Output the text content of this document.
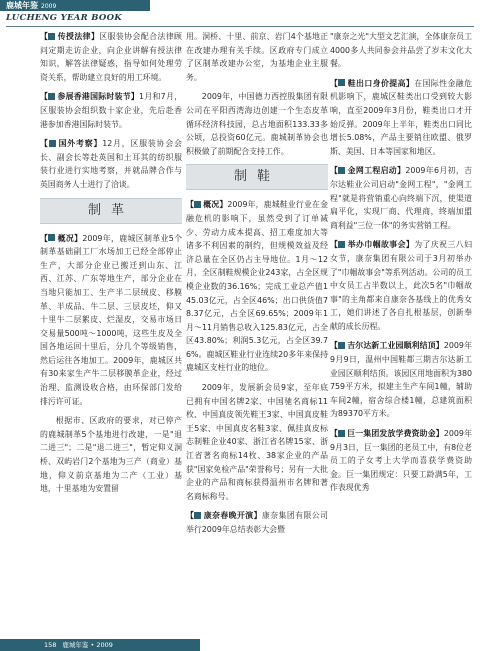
鹿城年鉴 2009
LUCHENG YEAR BOOK

【 传授法律】区服装协会配合法律顾问定期走访企业，向企业讲解有授法律知识，解答法律疑惑，指导如何处理劳资关系，帮助建立良好的用工环境。

【 参展香港国际时装节】1月和7月，区服装协会组织数十家企业，先后赴香港参加香港国际时装节。

【 国外考察】12月，区服装协会会长、副会长等赴英国和土耳其的纺织服装行业进行实地考察，并就品牌合作与英国商务人士进行了洽谈。

制革

【 概况】2009年，鹿城区制革业5个制革基础副工厂水场加工已经全部停止生产，大部分企业已搬迁到山东、江西、江苏、广东等地生产，部分企业在当地只能加工、生产半二层绒皮、移膜革、半成品、牛二层、三层皮坯，仰又十里牛二层絮皮、烂湿皮，交易市场日交易量500吨～1000吨，这些生皮及全国各地运回十里后，分几个等级销售，然后运往各地加工。2009年，鹿城区共有30来家生产牛二层移膜革企业，经过治理、监测设收合格，由环保部门发给排污许可证。

根据市、区政府的要求，对已停产的鹿城制革5个基地进行改建，一是"退二进三"；二是"退二进三"，暂定仰义洞桥、双屿岩门2个基地为三产（商业）基地，仰义前京基地为二产（工业）基地，十里基地为安置留

用。洞桥、十里、前京、岩门4个基地正在改建办理有关手续。区政府专门成立了区制革改建办公室，为基地企业主服务。

2009年，中国德力西控股集团有限公司在平阳西湾海边创建一个生态皮革循环经济科技园，总占地面积133.33多公顷，总投资60亿元。鹿城制革协会也积极做了前期配合支持工作。

制鞋

【 概况】2009年，鹿城鞋业行业在金融危机的影响下，虽然受到了订单减少、劳动力成本提高、招工难度加大等诸多不利因素的制约，但规模效益及经济总量在全区仍占主导地位。1月～12月，全区制鞋规模企业243家，占全区规模企业数的36.16%；完成工业总产值145.03亿元，占全区46%；出口供货值78.37亿元，占全区69.65%；2009年1月～11月销售总收入125.83亿元，占全区43.80%；利润5.3亿元，占全区39.76%。鹿城区鞋业行业连续20多年来保持鹿城区支柱行业的地位。

2009年，发展新会员9家，至年底已拥有中国名牌2家、中国驰名商标11枚、中国真皮领先鞋王3家、中国真皮鞋王5家、中国真皮名鞋3家、佩挂真皮标志制鞋企业40家、浙江省名牌15家、浙江省著名商标14枚、38家企业的产品获"国家免检产品"荣誉称号；另有一大批企业的产品和商标获得温州市名牌和著名商标称号。

【 康奈春晚开演】康奈集团有限公司举行2009年总结表彰大会暨

"康奈之光"大型文艺汇演，全体康奈员工4000多人共同参会并品尝了岁末文化大餐。

【 鞋出口身价提高】在国际性金融危机影响下，鹿城区鞋类出口受到较大影响，直至2009年3月份，鞋类出口才开始反弹。2009年上半年，鞋类出口同比增长5.08%，产品主要销往欧盟、俄罗斯、美国、日本等国家和地区。

【 金网工程启动】2009年6月初，吉尔达鞋业公司启动"金网工程"，"金网工程"就是将营销重心向终端下沉，使渠道扁平化，实现厂商、代理商，终端加盟商利益"三位一体"的务实营销工程。

【 举办巾帼故事会】为了庆祝三八妇女节，康奈集团有限公司于3月初举办了"巾帼故事会"等系列活动。公司的员工中女员工占半数以上，此次5名"巾帼故事"的主角都来自康奈各基线上的优秀女工，她们讲述了各自扎根基层，创新奉献的成长历程。

【 吉尔达新工业园顺利结顶】2009年9月9日，温州中国鞋都三期吉尔达新工业园区顺利结顶。该园区用地面积为380759平方米，拟建主生产车间1幢，辅助车间2幢，宿舍综合楼1幢，总建筑面积为89370平方米。

【 巨一集团发放学费资助金】2009年9月3日，巨一集团的老员工中，有8位老员工的子女考上大学而喜获学费资助金。巨一集团规定：只要工龄满5年，工作表现优秀

158 鹿城年鉴 • 2009
